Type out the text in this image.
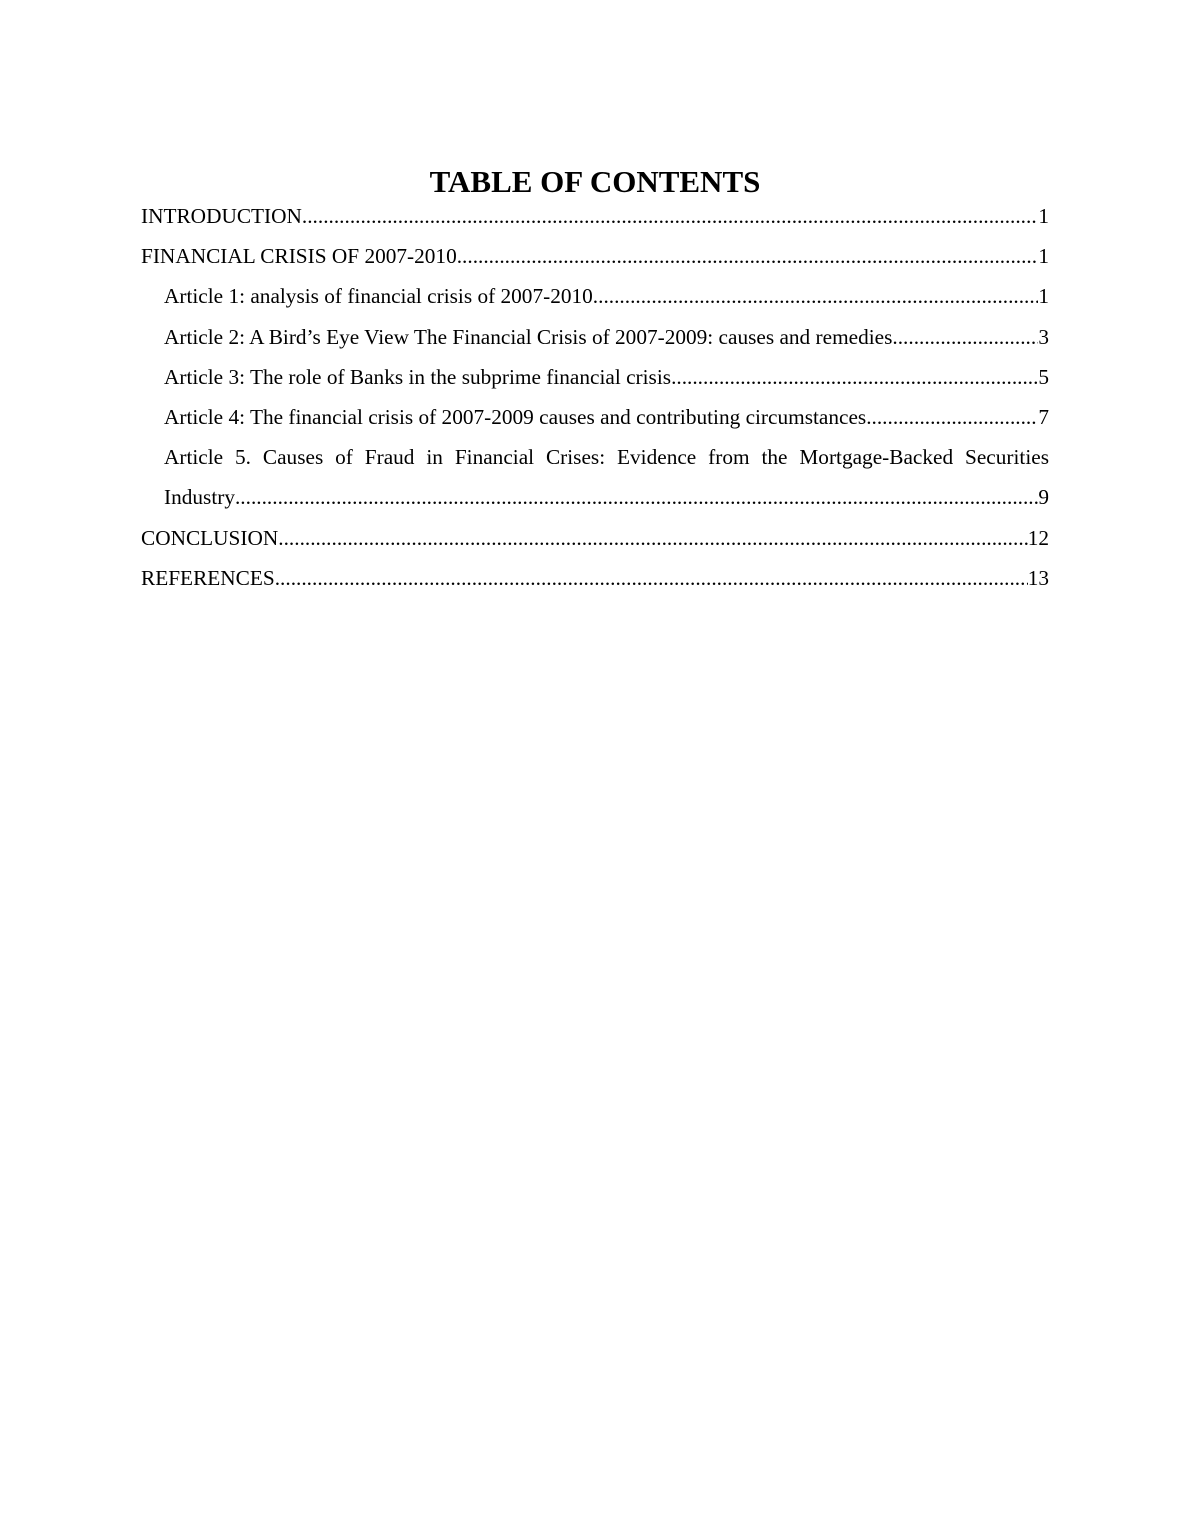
TABLE OF CONTENTS
INTRODUCTION .....	1
FINANCIAL CRISIS OF 2007-2010 .....	1
Article 1: analysis of financial crisis of 2007-2010 .....	1
Article 2: A Bird’s Eye View The Financial Crisis of 2007-2009: causes and remedies .....	3
Article 3: The role of Banks in the subprime financial crisis .....	5
Article 4: The financial crisis of 2007-2009 causes and contributing circumstances .....	7
Article 5. Causes of Fraud in Financial Crises: Evidence from the Mortgage-Backed Securities
Industry .....	9
CONCLUSION .....	12
REFERENCES .....	13
